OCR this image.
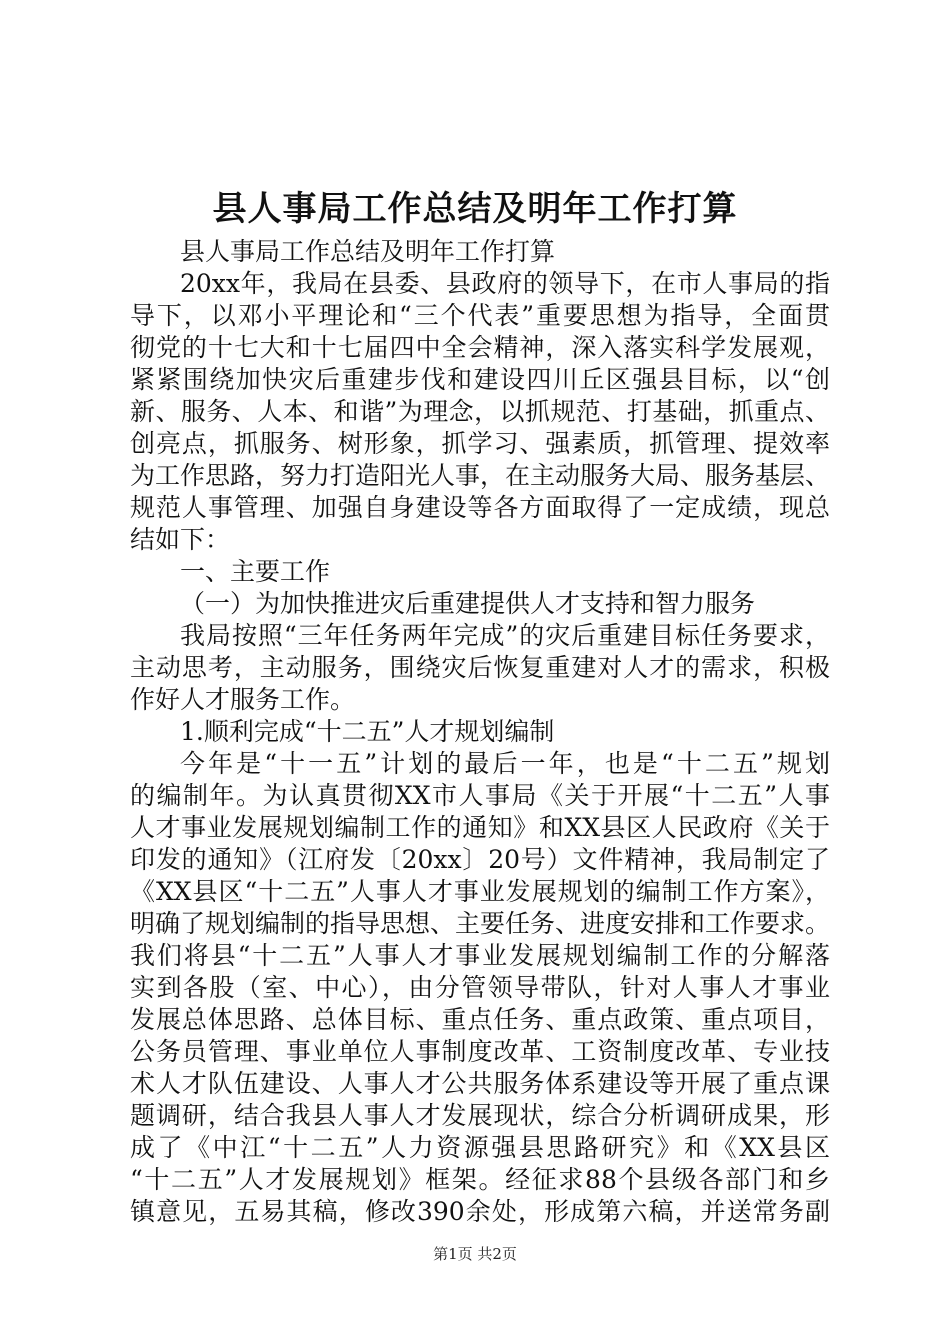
县人事局工作总结及明年工作打算
县人事局工作总结及明年工作打算
20xx年，我局在县委、县政府的领导下，在市人事局的指
导下，以邓小平理论和“三个代表”重要思想为指导，全面贯
彻党的十七大和十七届四中全会精神，深入落实科学发展观，
紧紧围绕加快灾后重建步伐和建设四川丘区强县目标，以“创
新、服务、人本、和谐”为理念，以抓规范、打基础，抓重点、
创亮点，抓服务、树形象，抓学习、强素质，抓管理、提效率
为工作思路，努力打造阳光人事，在主动服务大局、服务基层、
规范人事管理、加强自身建设等各方面取得了一定成绩，现总
结如下：
一、主要工作
（一）为加快推进灾后重建提供人才支持和智力服务
我局按照“三年任务两年完成”的灾后重建目标任务要求，
主动思考，主动服务，围绕灾后恢复重建对人才的需求，积极
作好人才服务工作。
1.顺利完成“十二五”人才规划编制
今年是“十一五”计划的最后一年，也是“十二五”规划
的编制年。为认真贯彻XX市人事局《关于开展“十二五”人事
人才事业发展规划编制工作的通知》和XX县区人民政府《关于
印发的通知》（江府发〔20xx〕20号）文件精神，我局制定了
《XX县区“十二五”人事人才事业发展规划的编制工作方案》，
明确了规划编制的指导思想、主要任务、进度安排和工作要求。
我们将县“十二五”人事人才事业发展规划编制工作的分解落
实到各股（室、中心），由分管领导带队，针对人事人才事业
发展总体思路、总体目标、重点任务、重点政策、重点项目，
公务员管理、事业单位人事制度改革、工资制度改革、专业技
术人才队伍建设、人事人才公共服务体系建设等开展了重点课
题调研，结合我县人事人才发展现状，综合分析调研成果，形
成了《中江“十二五”人力资源强县思路研究》和《XX县区
“十二五”人才发展规划》框架。经征求88个县级各部门和乡
镇意见，五易其稿，修改390余处，形成第六稿，并送常务副
第1页 共2页
